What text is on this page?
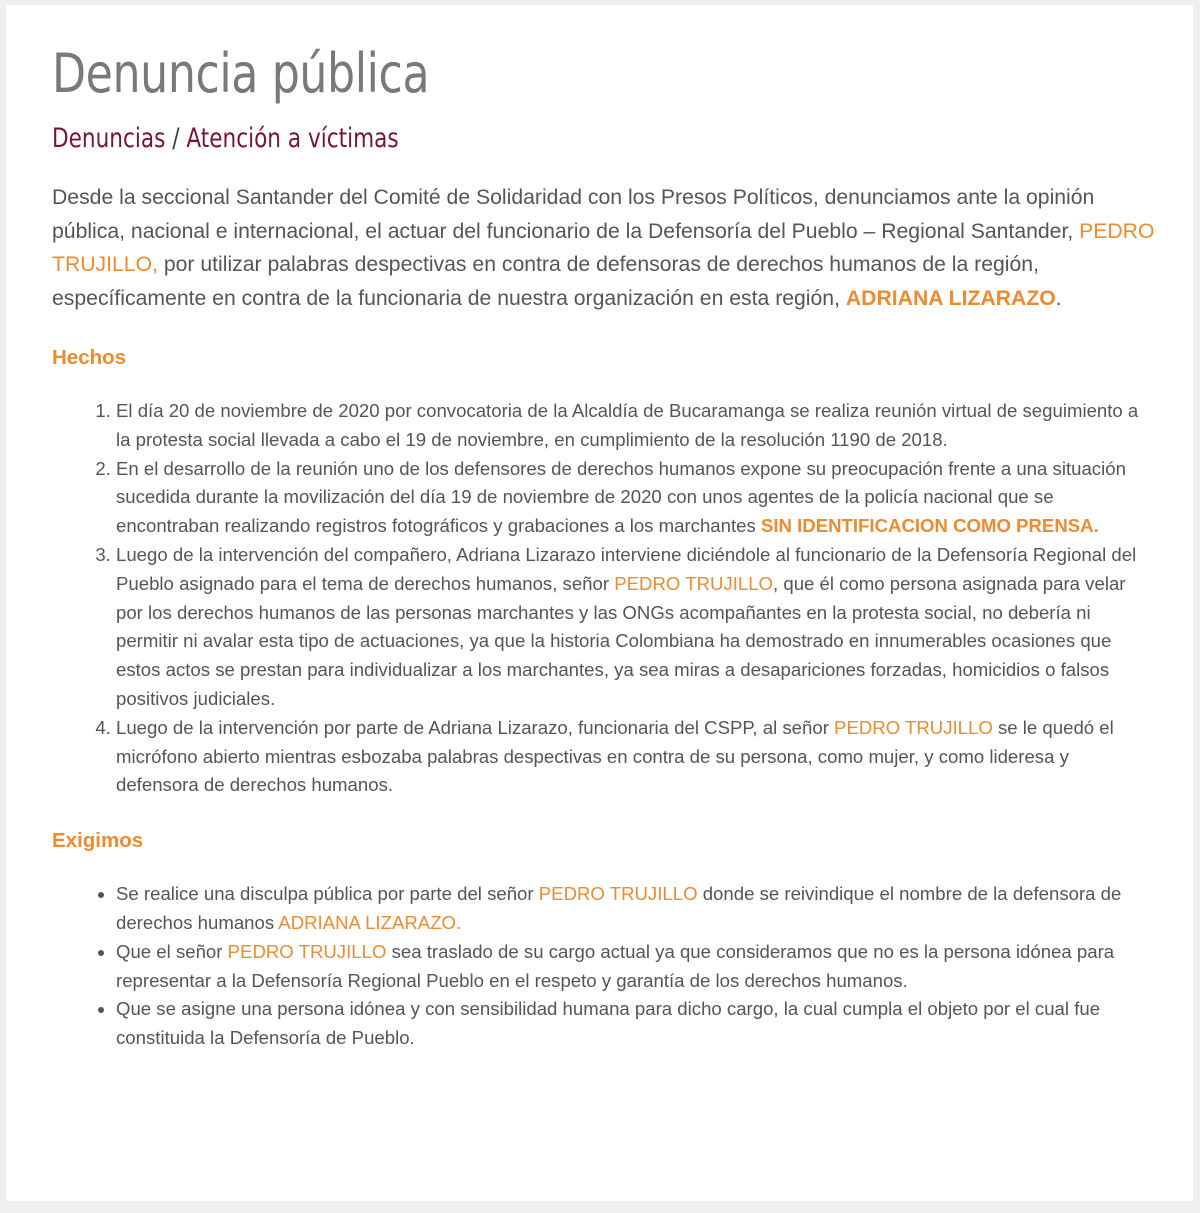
Denuncia pública
Denuncias / Atención a víctimas

Desde la seccional Santander del Comité de Solidaridad con los Presos Políticos, denunciamos ante la opinión pública, nacional e internacional, el actuar del funcionario de la Defensoría del Pueblo – Regional Santander, PEDRO TRUJILLO, por utilizar palabras despectivas en contra de defensoras de derechos humanos de la región, específicamente en contra de la funcionaria de nuestra organización en esta región, ADRIANA LIZARAZO.

Hechos
1. El día 20 de noviembre de 2020 por convocatoria de la Alcaldía de Bucaramanga se realiza reunión virtual de seguimiento a la protesta social llevada a cabo el 19 de noviembre, en cumplimiento de la resolución 1190 de 2018.
2. En el desarrollo de la reunión uno de los defensores de derechos humanos expone su preocupación frente a una situación sucedida durante la movilización del día 19 de noviembre de 2020 con unos agentes de la policía nacional que se encontraban realizando registros fotográficos y grabaciones a los marchantes SIN IDENTIFICACION COMO PRENSA.
3. Luego de la intervención del compañero, Adriana Lizarazo interviene diciéndole al funcionario de la Defensoría Regional del Pueblo asignado para el tema de derechos humanos, señor PEDRO TRUJILLO, que él como persona asignada para velar por los derechos humanos de las personas marchantes y las ONGs acompañantes en la protesta social, no debería ni permitir ni avalar esta tipo de actuaciones, ya que la historia Colombiana ha demostrado en innumerables ocasiones que estos actos se prestan para individualizar a los marchantes, ya sea miras a desapariciones forzadas, homicidios o falsos positivos judiciales.
4. Luego de la intervención por parte de Adriana Lizarazo, funcionaria del CSPP, al señor PEDRO TRUJILLO se le quedó el micrófono abierto mientras esbozaba palabras despectivas en contra de su persona, como mujer, y como lideresa y defensora de derechos humanos.
Exigimos
• Se realice una disculpa pública por parte del señor PEDRO TRUJILLO donde se reivindique el nombre de la defensora de derechos humanos ADRIANA LIZARAZO.
• Que el señor PEDRO TRUJILLO sea traslado de su cargo actual ya que consideramos que no es la persona idónea para representar a la Defensoría Regional Pueblo en el respeto y garantía de los derechos humanos.
• Que se asigne una persona idónea y con sensibilidad humana para dicho cargo, la cual cumpla el objeto por el cual fue constituida la Defensoría de Pueblo.
